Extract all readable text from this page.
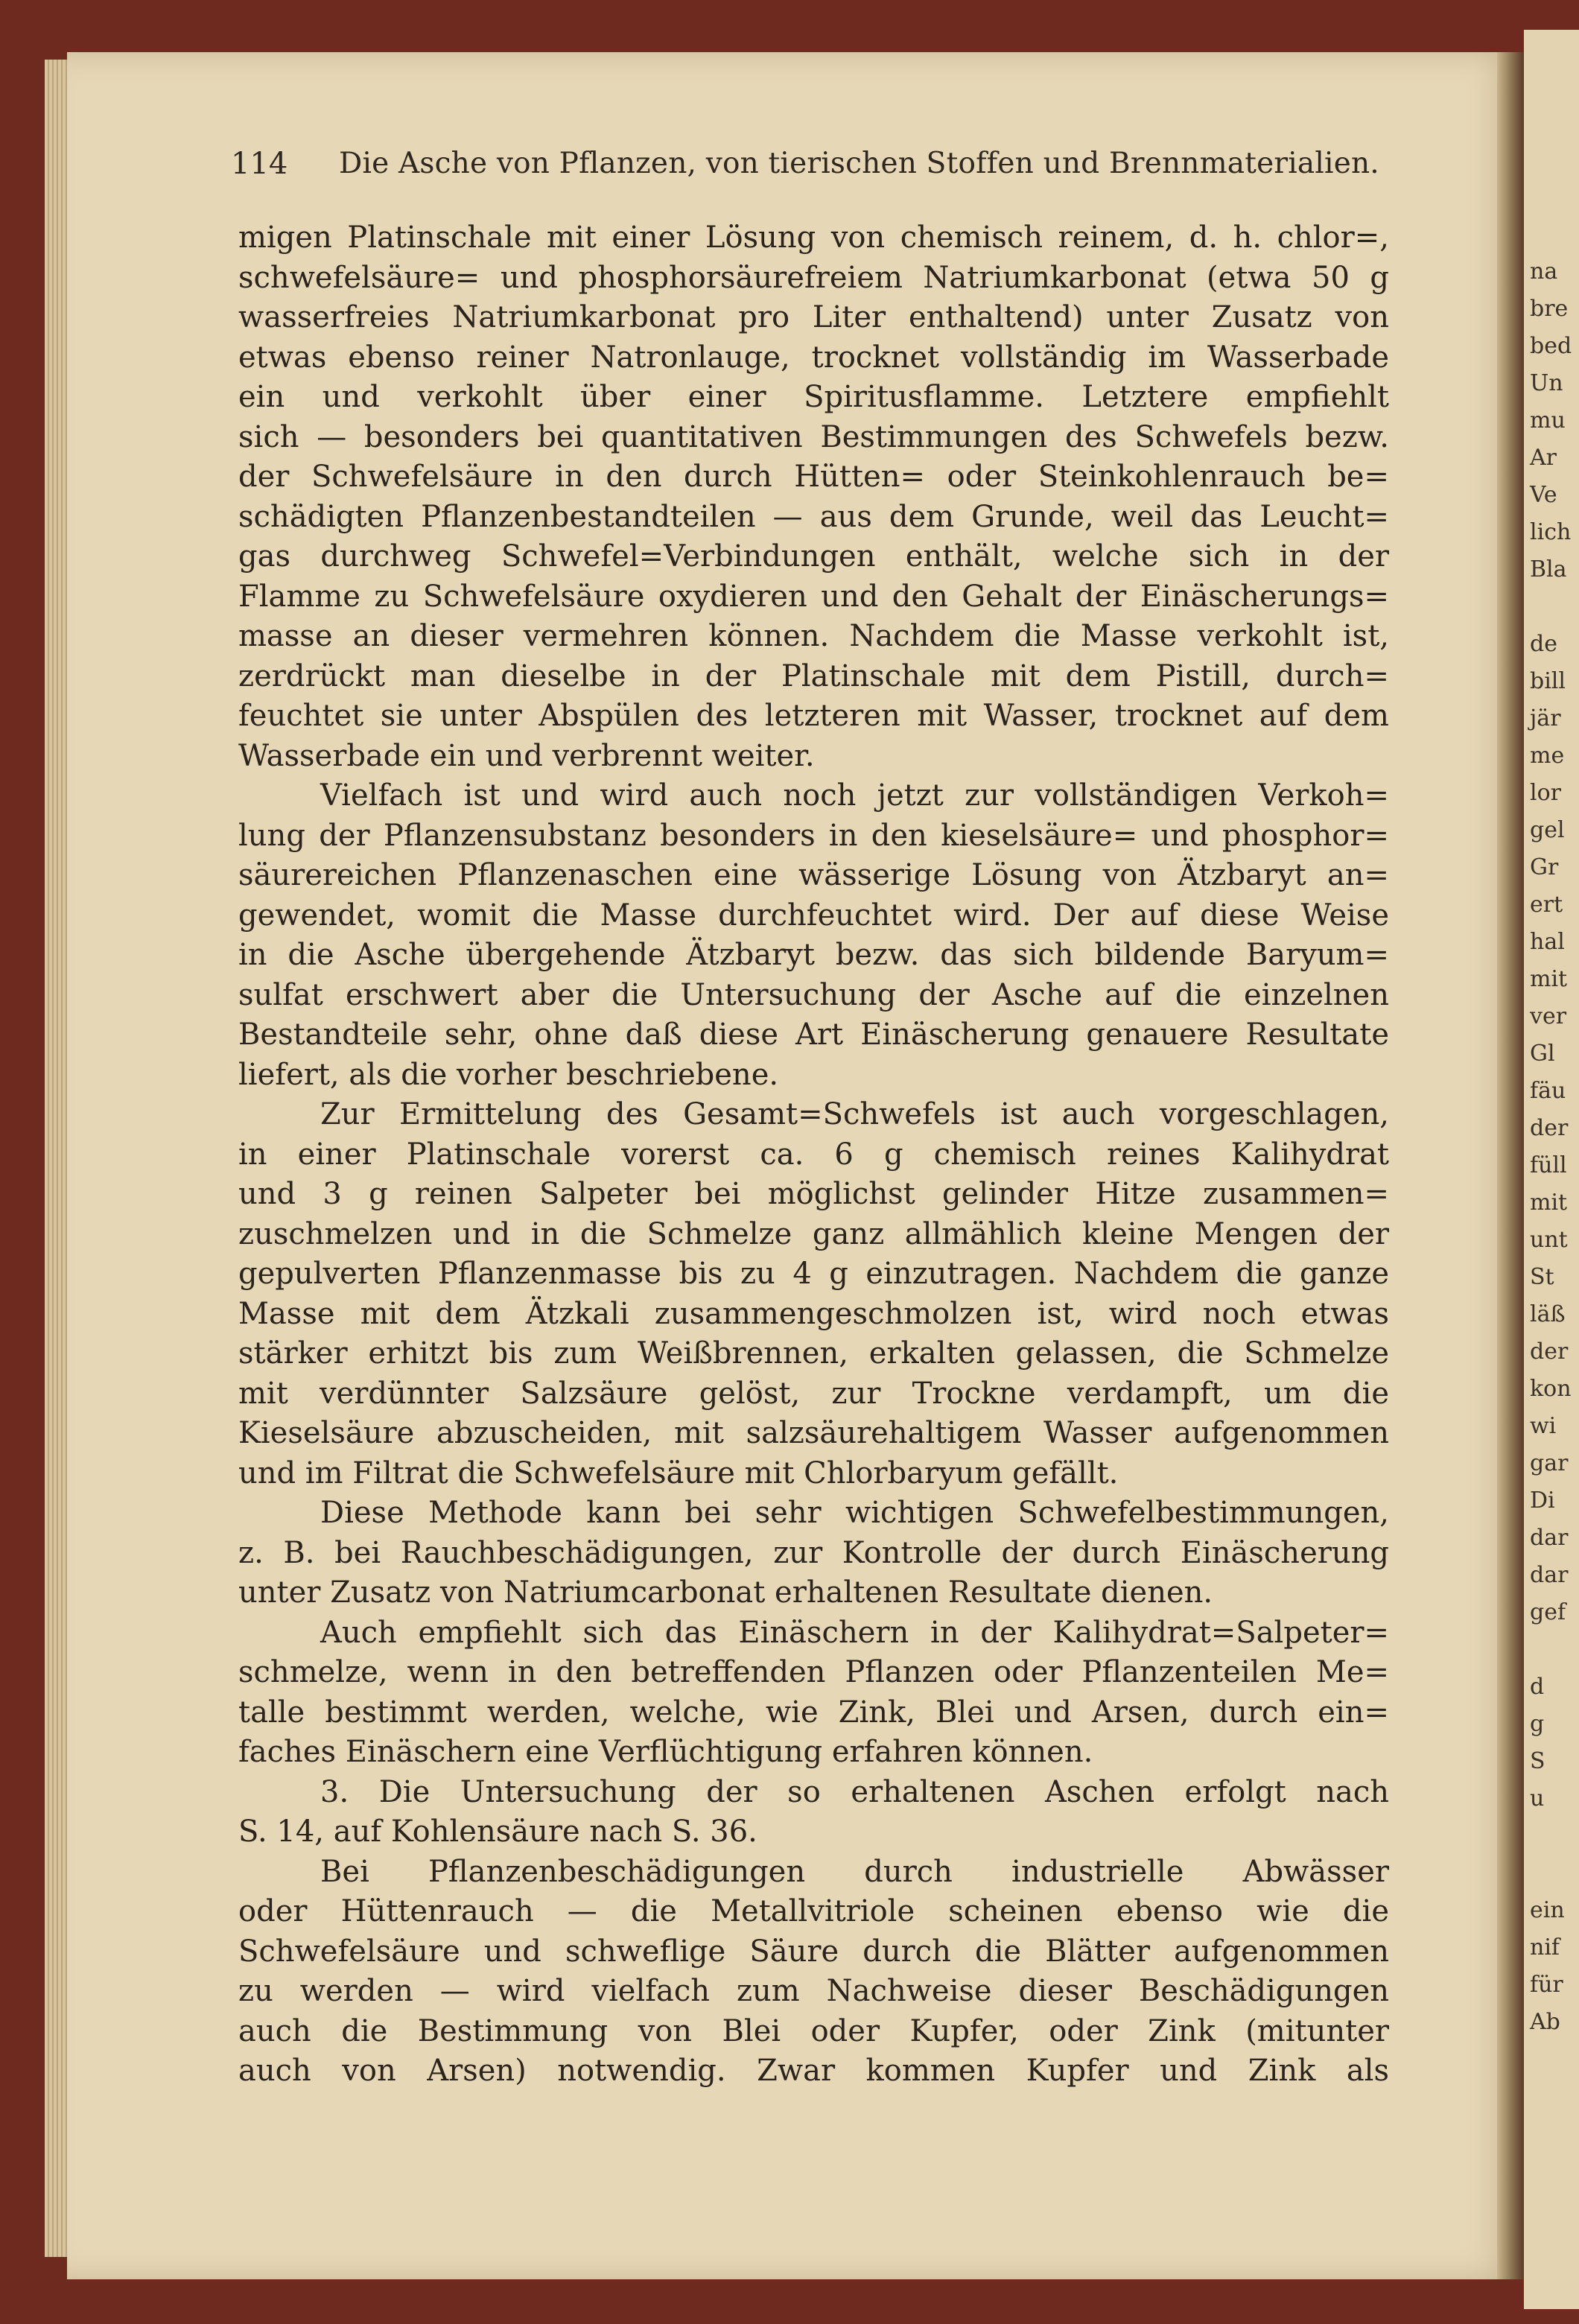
na
bre
bed
Un
mu
Ar
Ve
lich
Bla
de
bill
jär
me
lor
gel
Gr
ert
hal
mit
ver
Gl
fäu
der
füll
mit
unt
St
läß
der
kon
wi
gar
Di
dar
dar
gef
d
g
S
u
ein
nif
für
Ab
114 Die Asche von Pflanzen, von tierischen Stoffen und Brennmaterialien.
migen Platinschale mit einer Lösung von chemisch reinem, d. h. chlor=,
schwefelsäure= und phosphorsäurefreiem Natriumkarbonat (etwa 50 g
wasserfreies Natriumkarbonat pro Liter enthaltend) unter Zusatz von
etwas ebenso reiner Natronlauge, trocknet vollständig im Wasserbade
ein und verkohlt über einer Spiritusflamme. Letztere empfiehlt
sich — besonders bei quantitativen Bestimmungen des Schwefels bezw.
der Schwefelsäure in den durch Hütten= oder Steinkohlenrauch be=
schädigten Pflanzenbestandteilen — aus dem Grunde, weil das Leucht=
gas durchweg Schwefel=Verbindungen enthält, welche sich in der
Flamme zu Schwefelsäure oxydieren und den Gehalt der Einäscherungs=
masse an dieser vermehren können. Nachdem die Masse verkohlt ist,
zerdrückt man dieselbe in der Platinschale mit dem Pistill, durch=
feuchtet sie unter Abspülen des letzteren mit Wasser, trocknet auf dem
Wasserbade ein und verbrennt weiter.
Vielfach ist und wird auch noch jetzt zur vollständigen Verkoh=
lung der Pflanzensubstanz besonders in den kieselsäure= und phosphor=
säurereichen Pflanzenaschen eine wässerige Lösung von Ätzbaryt an=
gewendet, womit die Masse durchfeuchtet wird. Der auf diese Weise
in die Asche übergehende Ätzbaryt bezw. das sich bildende Baryum=
sulfat erschwert aber die Untersuchung der Asche auf die einzelnen
Bestandteile sehr, ohne daß diese Art Einäscherung genauere Resultate
liefert, als die vorher beschriebene.
Zur Ermittelung des Gesamt=Schwefels ist auch vorgeschlagen,
in einer Platinschale vorerst ca. 6 g chemisch reines Kalihydrat
und 3 g reinen Salpeter bei möglichst gelinder Hitze zusammen=
zuschmelzen und in die Schmelze ganz allmählich kleine Mengen der
gepulverten Pflanzenmasse bis zu 4 g einzutragen. Nachdem die ganze
Masse mit dem Ätzkali zusammengeschmolzen ist, wird noch etwas
stärker erhitzt bis zum Weißbrennen, erkalten gelassen, die Schmelze
mit verdünnter Salzsäure gelöst, zur Trockne verdampft, um die
Kieselsäure abzuscheiden, mit salzsäurehaltigem Wasser aufgenommen
und im Filtrat die Schwefelsäure mit Chlorbaryum gefällt.
Diese Methode kann bei sehr wichtigen Schwefelbestimmungen,
z. B. bei Rauchbeschädigungen, zur Kontrolle der durch Einäscherung
unter Zusatz von Natriumcarbonat erhaltenen Resultate dienen.
Auch empfiehlt sich das Einäschern in der Kalihydrat=Salpeter=
schmelze, wenn in den betreffenden Pflanzen oder Pflanzenteilen Me=
talle bestimmt werden, welche, wie Zink, Blei und Arsen, durch ein=
faches Einäschern eine Verflüchtigung erfahren können.
3. Die Untersuchung der so erhaltenen Aschen erfolgt nach
S. 14, auf Kohlensäure nach S. 36.
Bei Pflanzenbeschädigungen durch industrielle Abwässer
oder Hüttenrauch — die Metallvitriole scheinen ebenso wie die
Schwefelsäure und schweflige Säure durch die Blätter aufgenommen
zu werden — wird vielfach zum Nachweise dieser Beschädigungen
auch die Bestimmung von Blei oder Kupfer, oder Zink (mitunter
auch von Arsen) notwendig. Zwar kommen Kupfer und Zink als
